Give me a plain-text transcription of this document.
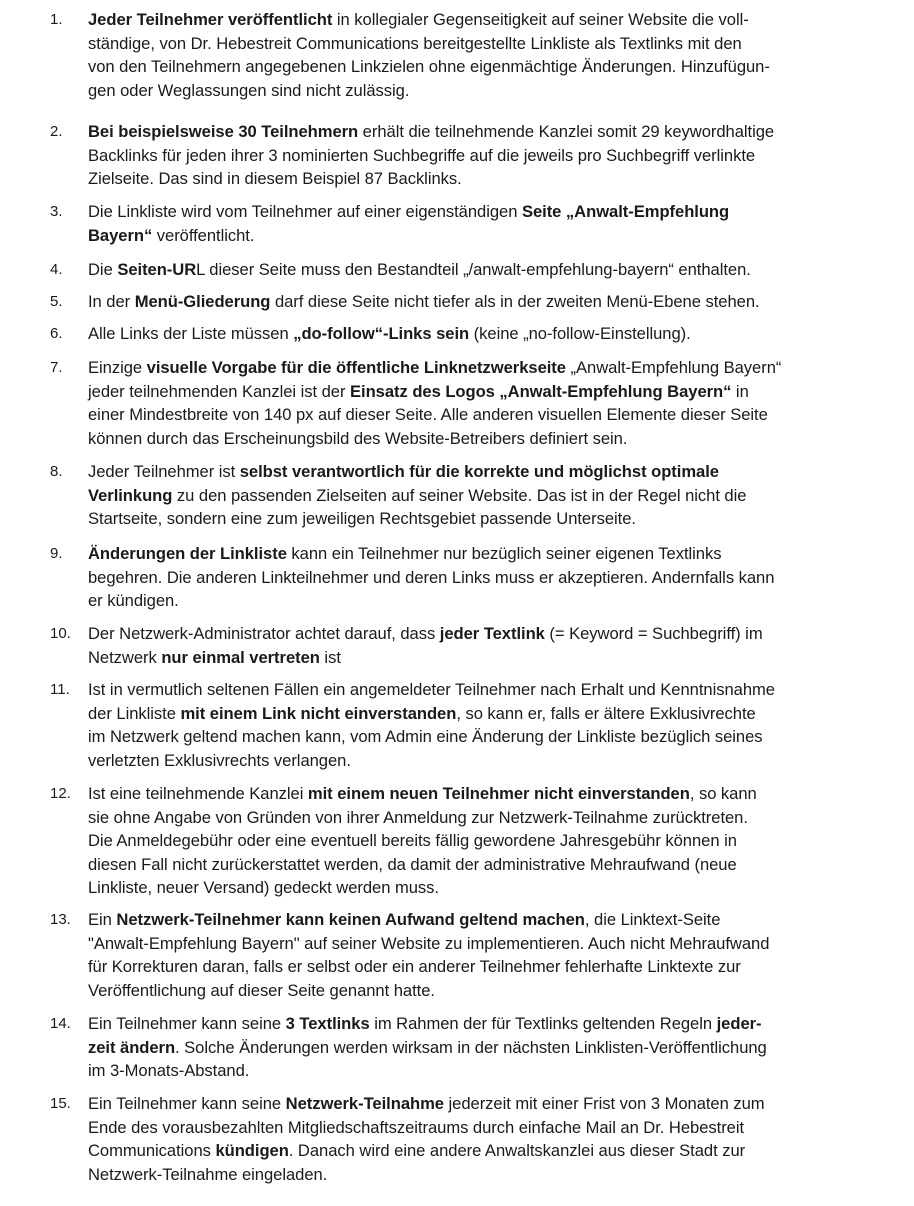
1.	Jeder Teilnehmer veröffentlicht in kollegialer Gegenseitigkeit auf seiner Website die voll-
ständige, von Dr. Hebestreit Communications bereitgestellte Linkliste als Textlinks mit den
von den Teilnehmern angegebenen Linkzielen ohne eigenmächtige Änderungen. Hinzufügun-
gen oder Weglassungen sind nicht zulässig.
2.	Bei beispielsweise 30 Teilnehmern erhält die teilnehmende Kanzlei somit 29 keywordhaltige
Backlinks für jeden ihrer 3 nominierten Suchbegriffe auf die jeweils pro Suchbegriff verlinkte
Zielseite. Das sind in diesem Beispiel 87 Backlinks.
3.	Die Linkliste wird vom Teilnehmer auf einer eigenständigen Seite „Anwalt-Empfehlung
Bayern“ veröffentlicht.
4.	Die Seiten-URL dieser Seite muss den Bestandteil „/anwalt-empfehlung-bayern“ enthalten.
5.	In der Menü-Gliederung darf diese Seite nicht tiefer als in der zweiten Menü-Ebene stehen.
6.	Alle Links der Liste müssen „do-follow“-Links sein (keine „no-follow-Einstellung).
7.	Einzige visuelle Vorgabe für die öffentliche Linknetzwerkseite „Anwalt-Empfehlung Bayern“
jeder teilnehmenden Kanzlei ist der Einsatz des Logos „Anwalt-Empfehlung Bayern“ in
einer Mindestbreite von 140 px auf dieser Seite. Alle anderen visuellen Elemente dieser Seite
können durch das Erscheinungsbild des Website-Betreibers definiert sein.
8.	Jeder Teilnehmer ist selbst verantwortlich für die korrekte und möglichst optimale
Verlinkung zu den passenden Zielseiten auf seiner Website. Das ist in der Regel nicht die
Startseite, sondern eine zum jeweiligen Rechtsgebiet passende Unterseite.
9.	Änderungen der Linkliste kann ein Teilnehmer nur bezüglich seiner eigenen Textlinks
begehren. Die anderen Linkteilnehmer und deren Links muss er akzeptieren. Andernfalls kann
er kündigen.
10.	Der Netzwerk-Administrator achtet darauf, dass jeder Textlink (= Keyword = Suchbegriff) im
Netzwerk nur einmal vertreten ist
11.	Ist in vermutlich seltenen Fällen ein angemeldeter Teilnehmer nach Erhalt und Kenntnisnahme
der Linkliste mit einem Link nicht einverstanden, so kann er, falls er ältere Exklusivrechte
im Netzwerk geltend machen kann, vom Admin eine Änderung der Linkliste bezüglich seines
verletzten Exklusivrechts verlangen.
12.	Ist eine teilnehmende Kanzlei mit einem neuen Teilnehmer nicht einverstanden, so kann
sie ohne Angabe von Gründen von ihrer Anmeldung zur Netzwerk-Teilnahme zurücktreten.
Die Anmeldegebühr oder eine eventuell bereits fällig gewordene Jahresgebühr können in
diesen Fall nicht zurückerstattet werden, da damit der administrative Mehraufwand (neue
Linkliste, neuer Versand) gedeckt werden muss.
13.	Ein Netzwerk-Teilnehmer kann keinen Aufwand geltend machen, die Linktext-Seite
"Anwalt-Empfehlung Bayern" auf seiner Website zu implementieren. Auch nicht Mehraufwand
für Korrekturen daran, falls er selbst oder ein anderer Teilnehmer fehlerhafte Linktexte zur
Veröffentlichung auf dieser Seite genannt hatte.
14.	Ein Teilnehmer kann seine 3 Textlinks im Rahmen der für Textlinks geltenden Regeln jeder-
zeit ändern. Solche Änderungen werden wirksam in der nächsten Linklisten-Veröffentlichung
im 3-Monats-Abstand.
15.	Ein Teilnehmer kann seine Netzwerk-Teilnahme jederzeit mit einer Frist von 3 Monaten zum
Ende des vorausbezahlten Mitgliedschaftszeitraums durch einfache Mail an Dr. Hebestreit
Communications kündigen. Danach wird eine andere Anwaltskanzlei aus dieser Stadt zur
Netzwerk-Teilnahme eingeladen.
